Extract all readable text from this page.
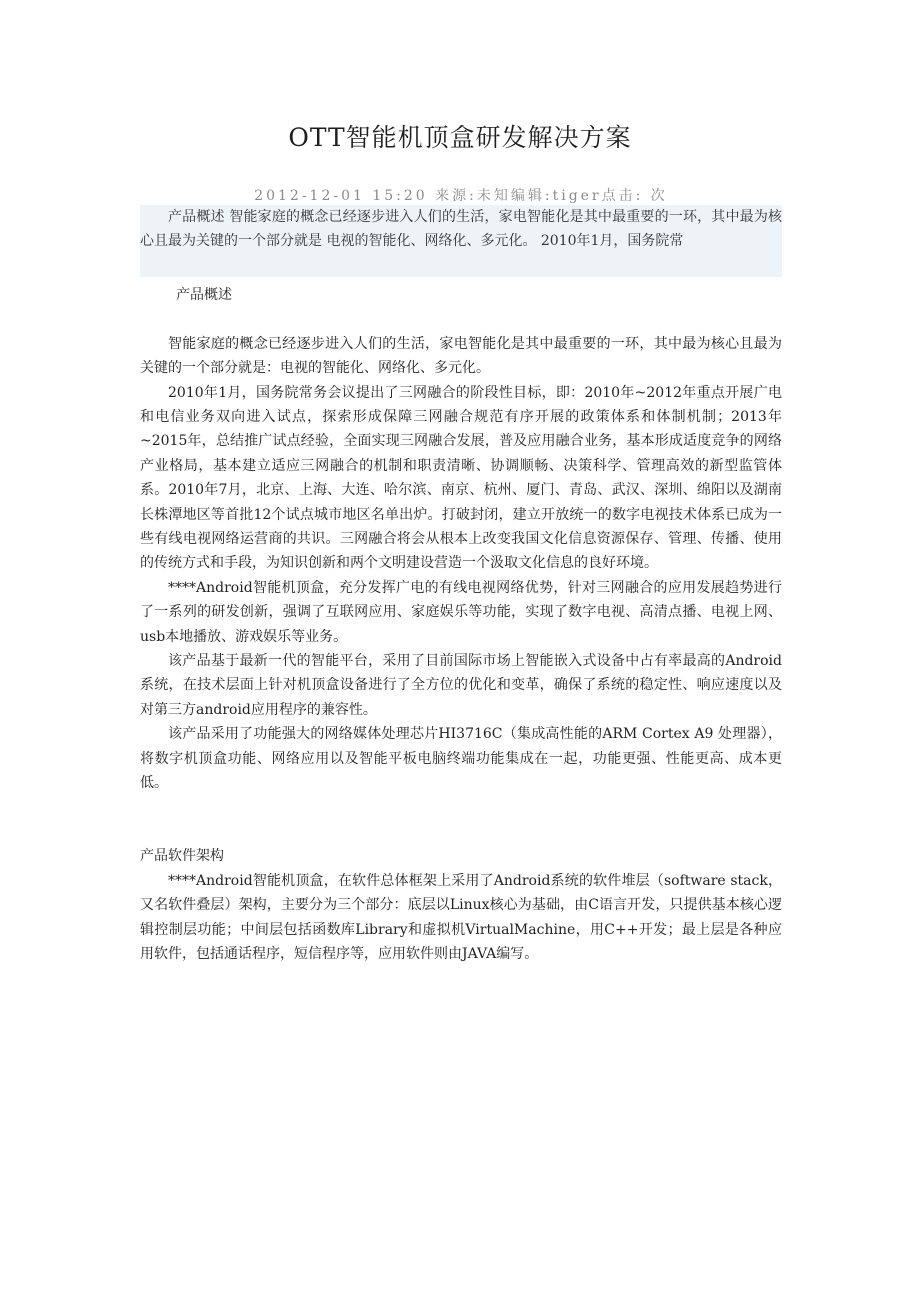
OTT智能机顶盒研发解决方案
2012-12-01 15:20 来源:未知编辑:tiger点击: 次
产品概述 智能家庭的概念已经逐步进入人们的生活，家电智能化是其中最重要的一环，其中最为核心且最为关键的一个部分就是 电视的智能化、网络化、多元化。 2010年1月，国务院常

产品概述

智能家庭的概念已经逐步进入人们的生活，家电智能化是其中最重要的一环，其中最为核心且最为关键的一个部分就是：电视的智能化、网络化、多元化。

2010年1月，国务院常务会议提出了三网融合的阶段性目标，即：2010年~2012年重点开展广电和电信业务双向进入试点，探索形成保障三网融合规范有序开展的政策体系和体制机制；2013年~2015年，总结推广试点经验，全面实现三网融合发展，普及应用融合业务，基本形成适度竞争的网络产业格局，基本建立适应三网融合的机制和职责清晰、协调顺畅、决策科学、管理高效的新型监管体系。2010年7月，北京、上海、大连、哈尔滨、南京、杭州、厦门、青岛、武汉、深圳、绵阳以及湖南长株潭地区等首批12个试点城市地区名单出炉。打破封闭，建立开放统一的数字电视技术体系已成为一些有线电视网络运营商的共识。三网融合将会从根本上改变我国文化信息资源保存、管理、传播、使用的传统方式和手段，为知识创新和两个文明建设营造一个汲取文化信息的良好环境。

****Android智能机顶盒，充分发挥广电的有线电视网络优势，针对三网融合的应用发展趋势进行了一系列的研发创新，强调了互联网应用、家庭娱乐等功能，实现了数字电视、高清点播、电视上网、usb本地播放、游戏娱乐等业务。

该产品基于最新一代的智能平台，采用了目前国际市场上智能嵌入式设备中占有率最高的Android系统，在技术层面上针对机顶盒设备进行了全方位的优化和变革，确保了系统的稳定性、响应速度以及对第三方android应用程序的兼容性。

该产品采用了功能强大的网络媒体处理芯片HI3716C（集成高性能的ARM Cortex A9 处理器），将数字机顶盒功能、网络应用以及智能平板电脑终端功能集成在一起，功能更强、性能更高、成本更低。

产品软件架构

****Android智能机顶盒，在软件总体框架上采用了Android系统的软件堆层（software stack，又名软件叠层）架构，主要分为三个部分：底层以Linux核心为基础，由C语言开发，只提供基本核心逻辑控制层功能；中间层包括函数库Library和虚拟机VirtualMachine，用C++开发；最上层是各种应用软件，包括通话程序，短信程序等，应用软件则由JAVA编写。
